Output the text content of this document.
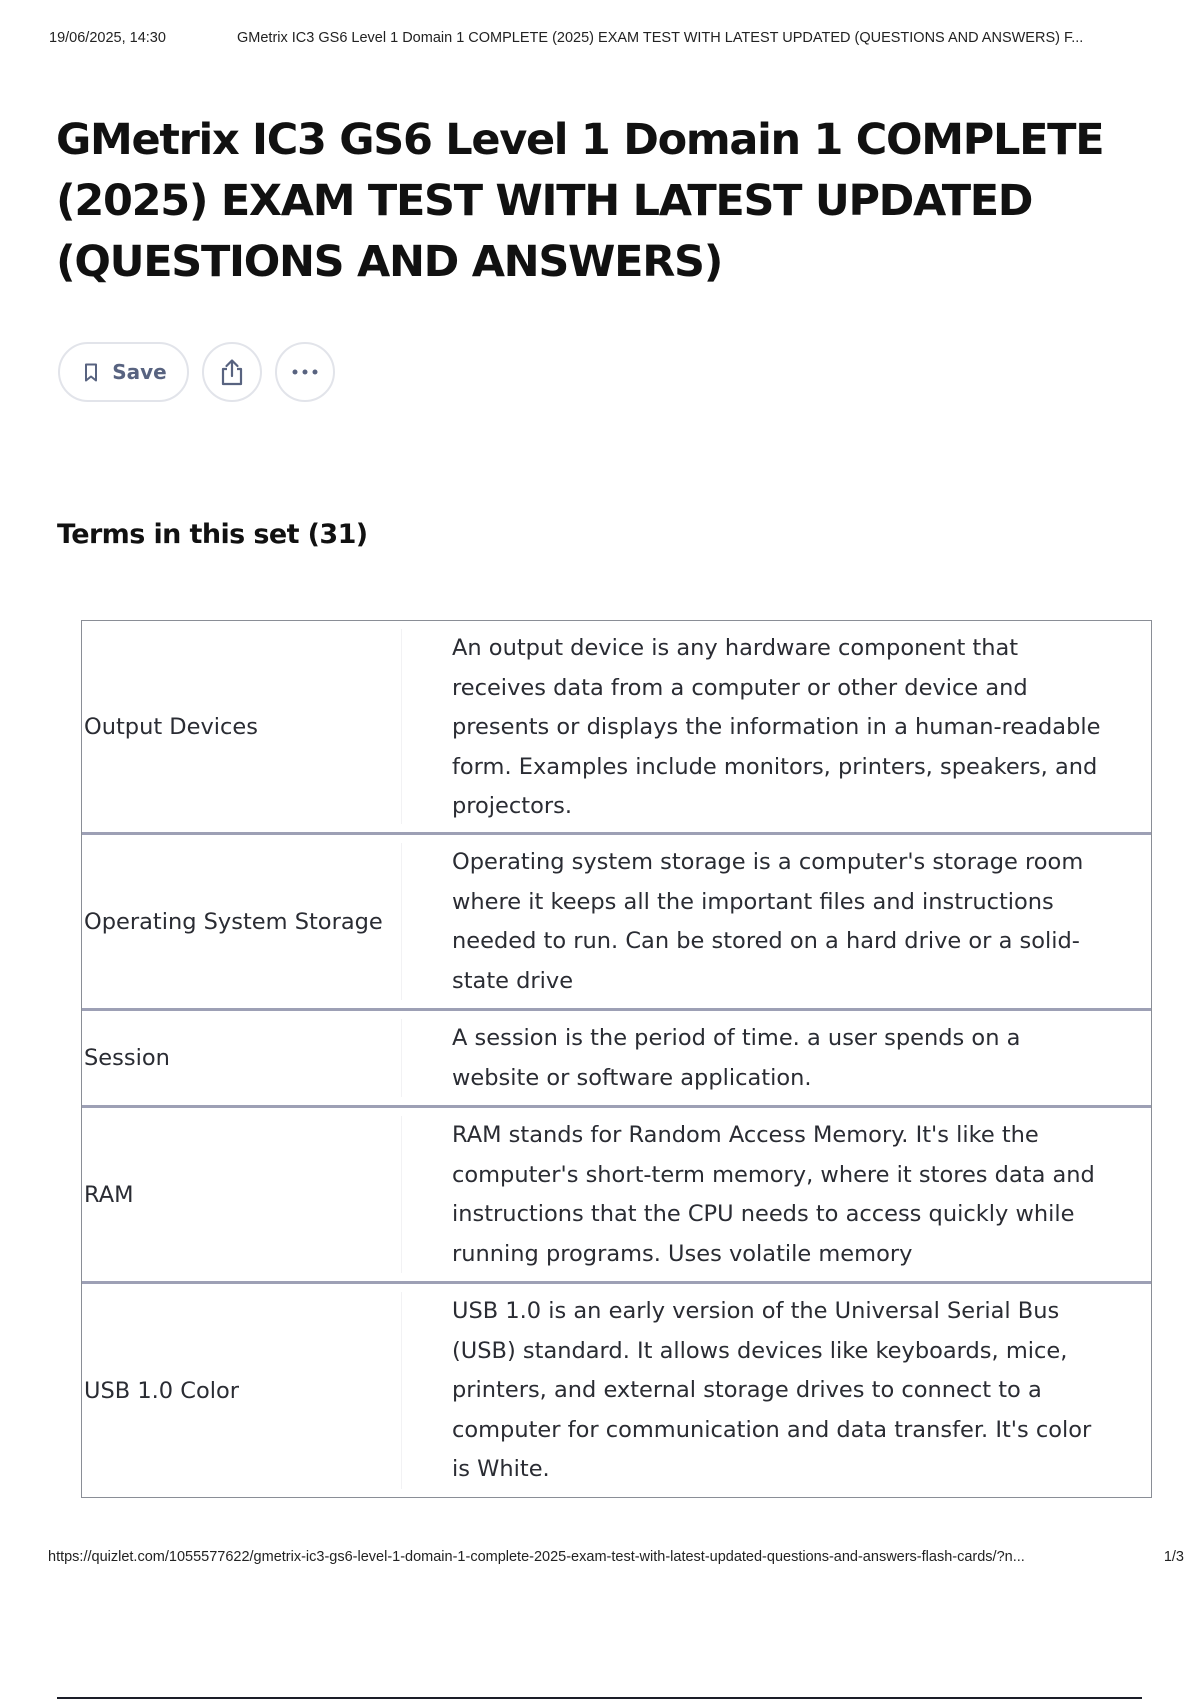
19/06/2025, 14:30	GMetrix IC3 GS6 Level 1 Domain 1 COMPLETE (2025) EXAM TEST WITH LATEST UPDATED (QUESTIONS AND ANSWERS) F...
GMetrix IC3 GS6 Level 1 Domain 1 COMPLETE (2025) EXAM TEST WITH LATEST UPDATED (QUESTIONS AND ANSWERS)
Save
Terms in this set (31)
Output Devices
An output device is any hardware component that receives data from a computer or other device and presents or displays the information in a human-readable form. Examples include monitors, printers, speakers, and projectors.
Operating System Storage
Operating system storage is a computer's storage room where it keeps all the important files and instructions needed to run. Can be stored on a hard drive or a solid-state drive
Session
A session is the period of time. a user spends on a website or software application.
RAM
RAM stands for Random Access Memory. It's like the computer's short-term memory, where it stores data and instructions that the CPU needs to access quickly while running programs. Uses volatile memory
USB 1.0 Color
USB 1.0 is an early version of the Universal Serial Bus (USB) standard. It allows devices like keyboards, mice, printers, and external storage drives to connect to a computer for communication and data transfer. It's color is White.
https://quizlet.com/1055577622/gmetrix-ic3-gs6-level-1-domain-1-complete-2025-exam-test-with-latest-updated-questions-and-answers-flash-cards/?n...	1/3
